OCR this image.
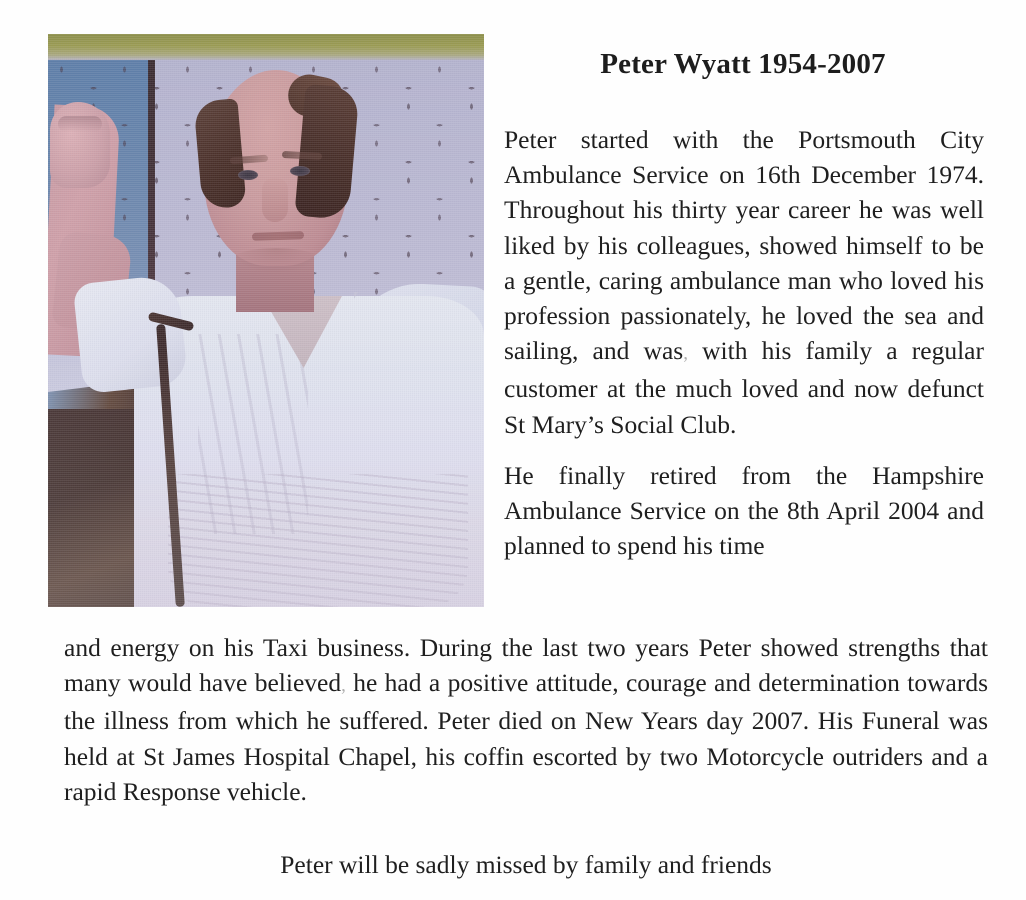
Peter Wyatt 1954-2007

Peter started with the Portsmouth City Ambulance Service on 16th December 1974. Throughout his thirty year career he was well liked by his colleagues, showed himself to be a gentle, caring ambulance man who loved his profession passionately, he loved the sea and sailing, and was, with his family a regular customer at the much loved and now defunct St Mary’s Social Club.

He finally retired from the Hampshire Ambulance Service on the 8th April 2004 and planned to spend his time

and energy on his Taxi business. During the last two years Peter showed strengths that many would have believed, he had a positive attitude, courage and determination towards the illness from which he suffered. Peter died on New Years day 2007. His Funeral was held at St James Hospital Chapel, his coffin escorted by two Motorcycle outriders and a rapid Response vehicle.

Peter will be sadly missed by family and friends
